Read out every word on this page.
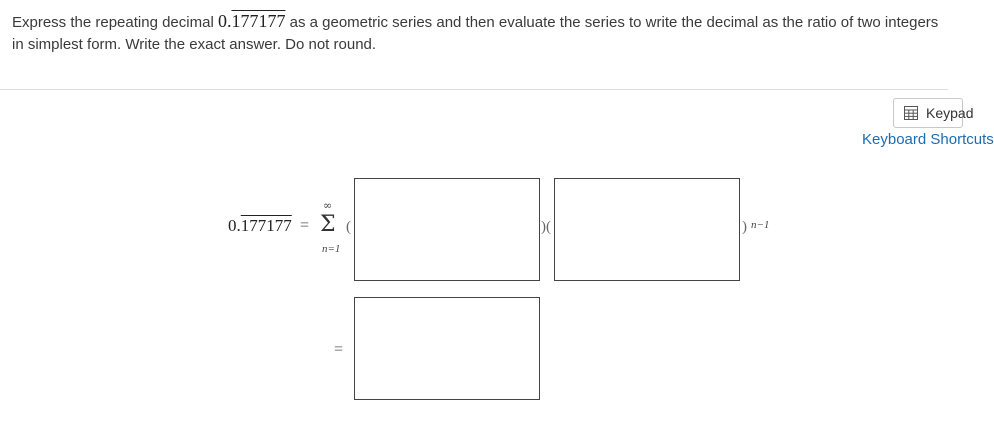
Express the repeating decimal 0.177177 as a geometric series and then evaluate the series to write the decimal as the ratio of two integers in simplest form. Write the exact answer. Do not round.
Keypad
Keyboard Shortcuts
0.177177 =
∞
Σ
n=1
(	)(	) n−1
=
